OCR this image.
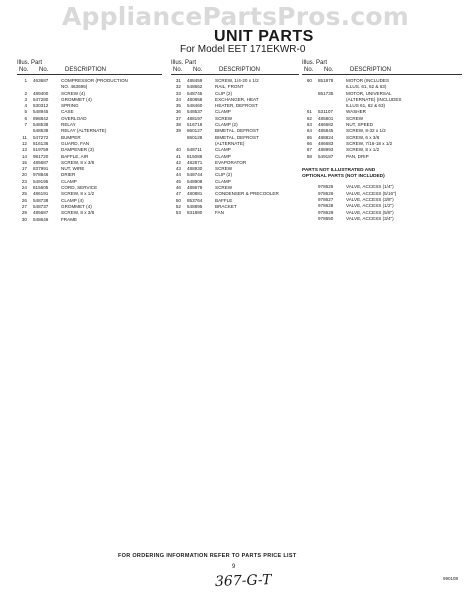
AppliancePartsPros.com
UNIT PARTS
For Model EET 171EKWR-0
Illus. Part
No. No.	DESCRIPTION
1 463687	COMPRESSOR (PRODUCTION
NO. 463695)
2 489400	SCREW (4)
3 547280	GROMMET (4)
4 530312	SPRING
5 548945	CASE
6 898842	OVERLOAD
7 548538	RELAY
548539	RELAY (ALTERNATE)
11 547272	BUMPER
12 816136	GUARD, FAN
13 519759	DAMPENER (3)
14 981720	BAFFLE, AIR
15 485687	SCREW, 8 x 3/8
17 837991	NUT, WIRE
20 978846	DRIER
23 549195	CLAMP
24 815605	CORD, SERVICE
25 486191	SCREW, 8 x 1/2
26 548738	CLAMP (4)
27 548737	GROMMET (4)
29 485687	SCREW, 8 x 3/8
30 548646	FRAME
Illus. Part
No. No.	DESCRIPTION
31 488459	SCREW, 1/4-20 x 1/2
32 548662	RAIL, FRONT
33 548745	CLIP (2)
34 480858	EXCHANGER, HEAT
35 548460	HEATER, DEFROST
36 548537	CLAMP
37 488197	SCREW
38 516716	CLAMP (2)
39 860127	BIMETAL, DEFROST
860128	BIMETAL, DEFROST
(ALTERNATE)
40 548711	CLAMP
41 815086	CLAMP
42 482871	EVAPORATOR
43 488930	SCREW
44 548744	CLIP (2)
45 548908	CLAMP
46 488679	SCREW
47 480881	CONDENSER & PRECOOLER
50 853764	BAFFLE
52 548895	BRACKET
53 831880	FAN
Illus. Part
No. No.	DESCRIPTION
60 851878	MOTOR (INCLUDES
ILLUS. 61, 62 & 63)
851735	MOTOR, UNIVERSAL
(ALTERNATE) (INCLUDES
ILLUS 61, 62 & 63)
61 531107	WASHER
62 485801	SCREW
63 486682	NUT, SPEED
64 485845	SCREW, 8-32 x 1/2
65 488824	SCREW, 6 x 3/8
66 486683	SCREW, 7/16-18 x 1/2
67 488993	SCREW, 8 x 1/2
68 549187	PAN, DRIP
PARTS NOT ILLUSTRATED AND
OPTIONAL PARTS (NOT INCLUDED)
978625	VALVE, ACCESS (1/4")
978626	VALVE, ACCESS (5/16")
978627	VALVE, ACCESS (3/8")
978628	VALVE, ACCESS (1/2")
978629	VALVE, ACCESS (5/8")
978650	VALVE, ACCESS (3/4")
FOR ORDERING INFORMATION REFER TO PARTS PRICE LIST
9
367-G-T	990108
